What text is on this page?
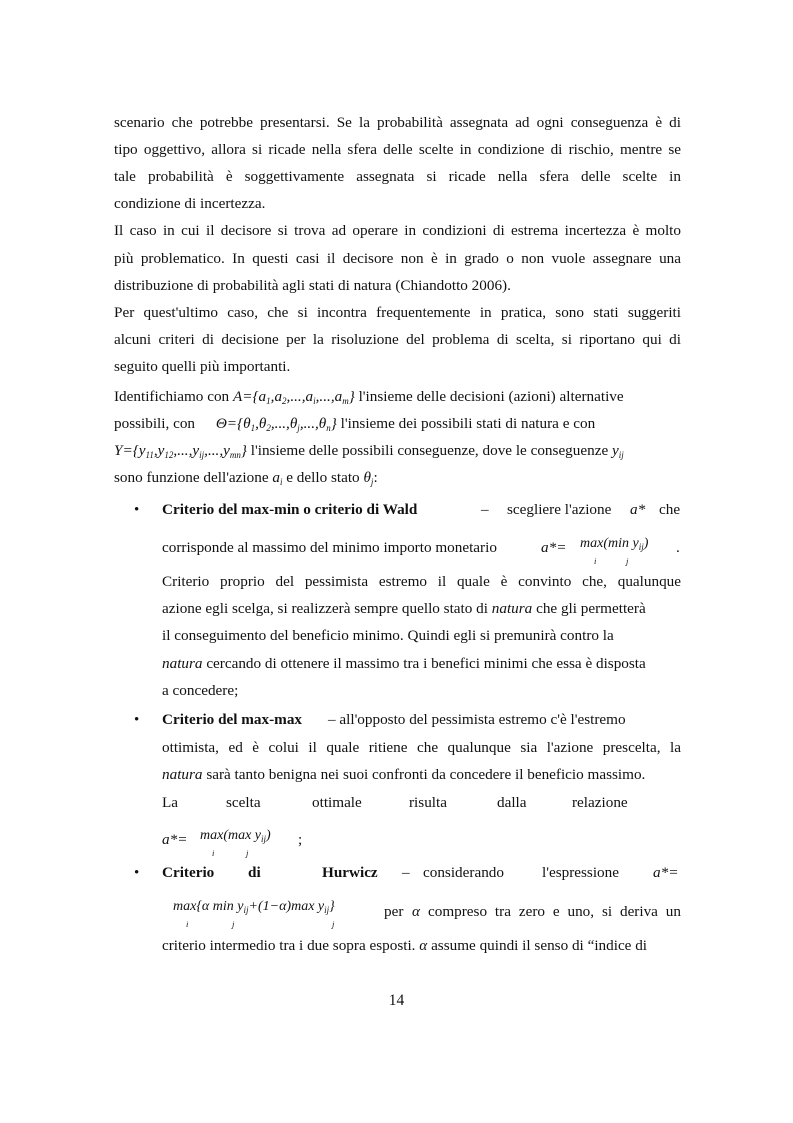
scenario che potrebbe presentarsi. Se la probabilità assegnata ad ogni conseguenza è di
tipo oggettivo, allora si ricade nella sfera delle scelte in condizione di rischio, mentre se
tale probabilità è soggettivamente assegnata si ricade nella sfera delle scelte in
condizione di incertezza.
Il caso in cui il decisore si trova ad operare in condizioni di estrema incertezza è molto
più problematico. In questi casi il decisore non è in grado o non vuole assegnare una
distribuzione di probabilità agli stati di natura (Chiandotto 2006).
Per quest'ultimo caso, che si incontra frequentemente in pratica, sono stati suggeriti
alcuni criteri di decisione per la risoluzione del problema di scelta, si riportano qui di
seguito quelli più importanti.
Identifichiamo con $A=\{a_1,a_2,...,a_i,...,a_m\}$ l'insieme delle decisioni (azioni) alternative
possibili, con $\Theta=\{\theta_1,\theta_2,...,\theta_j,...,\theta_n\}$ l'insieme dei possibili stati di natura e con
$Y=\{y_{11},y_{12},...,y_{ij},...,y_{mn}\}$ l'insieme delle possibili conseguenze, dove le conseguenze $y_{ij}$
sono funzione dell'azione $a_i$ e dello stato $\theta_j$:
• Criterio del max-min o criterio di Wald	– scegliere l'azione a* che
corrisponde al massimo del minimo importo monetario	a*= max(min $y_{ij}$)
i	j
.
Criterio proprio del pessimista estremo il quale è convinto che, qualunque
azione egli scelga, si realizzerà sempre quello stato di natura che gli permetterà
il conseguimento del beneficio minimo. Quindi egli si premunirà contro la
natura cercando di ottenere il massimo tra i benefici minimi che essa è disposta
a concedere;
• Criterio del max-max – all'opposto del pessimista estremo c'è l'estremo
ottimista, ed è colui il quale ritiene che qualunque sia l'azione prescelta, la
natura sarà tanto benigna nei suoi confronti da concedere il beneficio massimo.
La	scelta	ottimale	risulta	dalla	relazione
a*= max(max $y_{ij}$)
i	j
;
• Criterio di	Hurwicz – considerando	l'espressione a*=
max{α $\min y_{ij}+(1-\alpha)\max$ $y_{ij}$}
i	j	j
per α compreso tra zero e uno, si deriva un
criterio intermedio tra i due sopra esposti. α assume quindi il senso di “indice di
14
